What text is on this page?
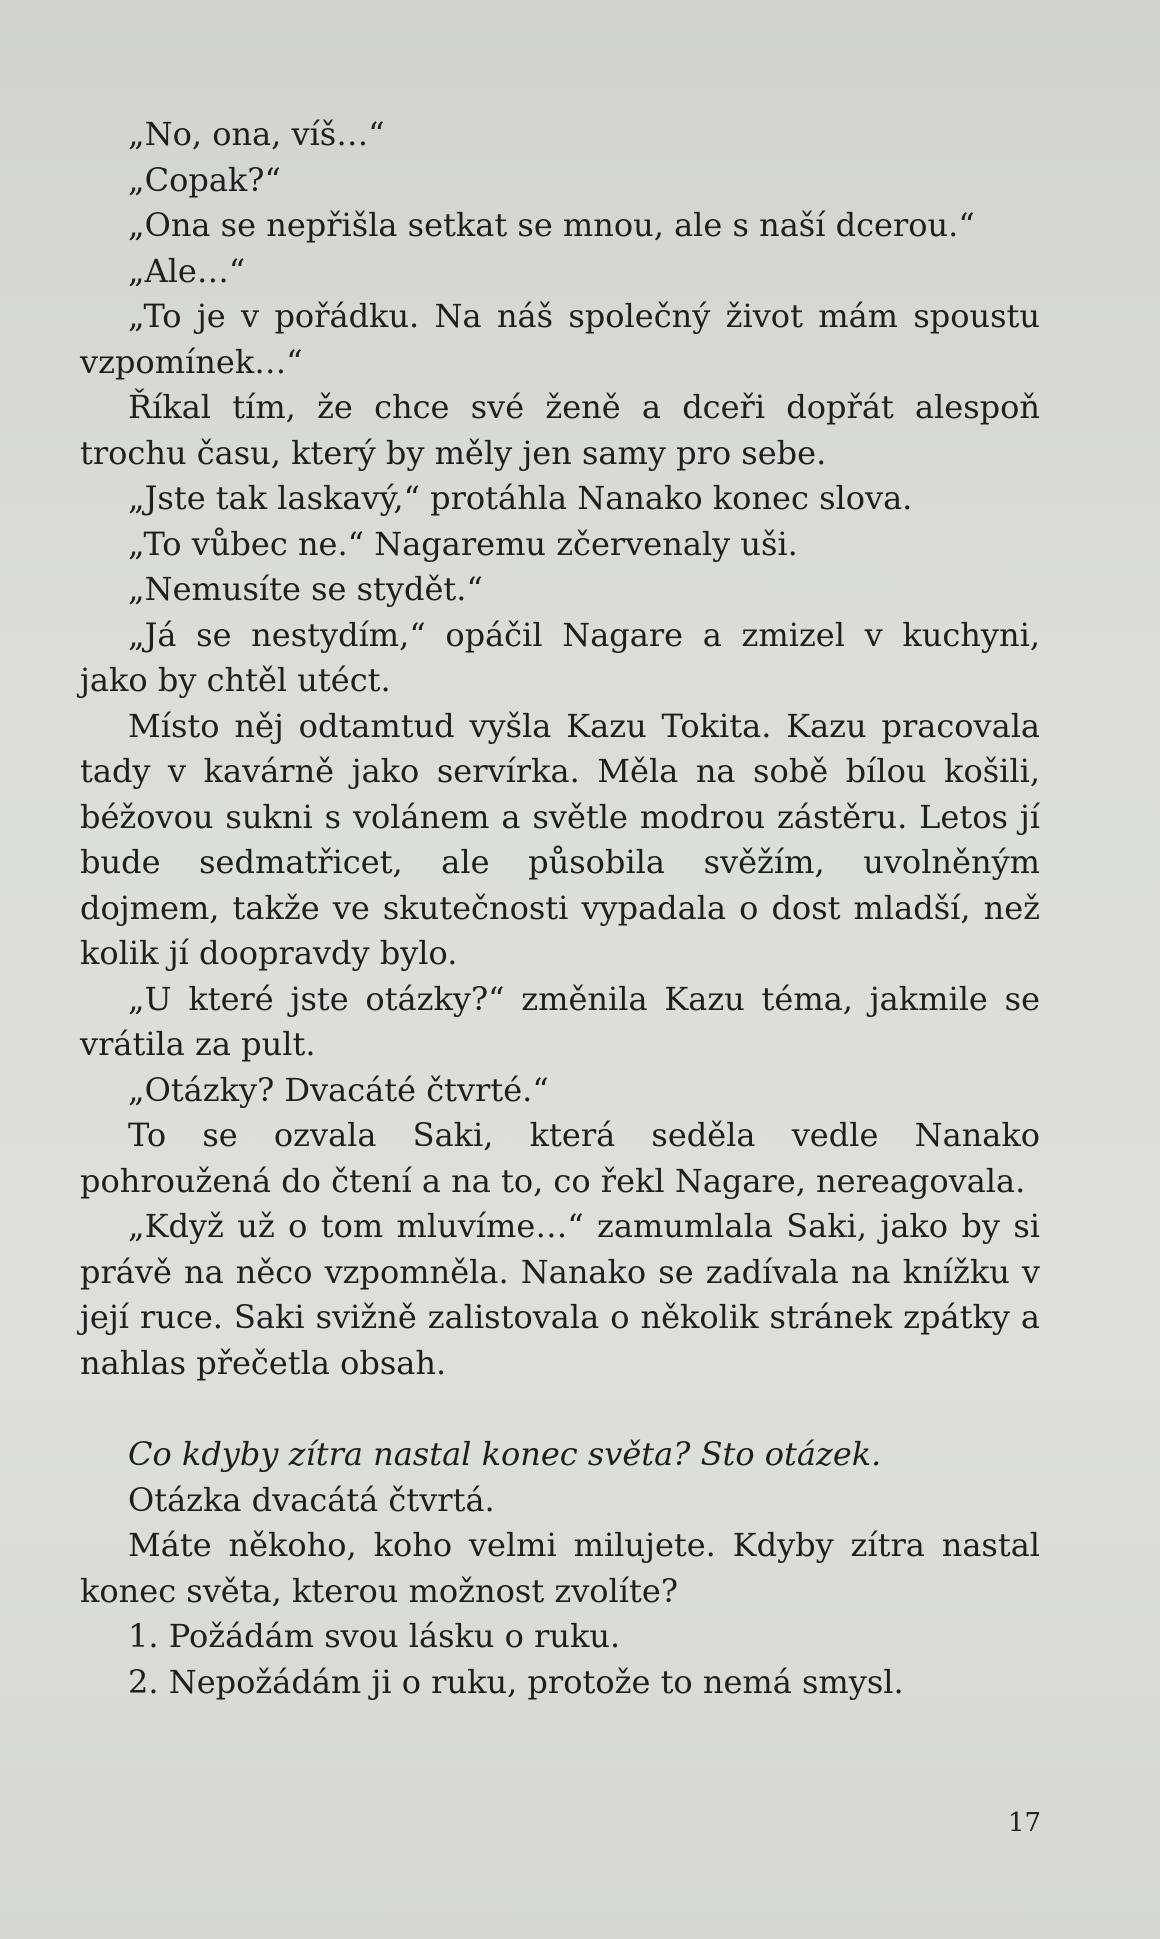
„No, ona, víš…“

„Copak?“

„Ona se nepřišla setkat se mnou, ale s naší dcerou.“

„Ale…“

„To je v pořádku. Na náš společný život mám spoustu vzpomínek…“

Říkal tím, že chce své ženě a dceři dopřát alespoň trochu času, který by měly jen samy pro sebe.

„Jste tak laskavý,“ protáhla Nanako konec slova.

„To vůbec ne.“ Nagaremu zčervenaly uši.

„Nemusíte se stydět.“

„Já se nestydím,“ opáčil Nagare a zmizel v kuchyni, jako by chtěl utéct.

Místo něj odtamtud vyšla Kazu Tokita. Kazu pracovala tady v kavárně jako servírka. Měla na sobě bílou košili, béžovou sukni s volánem a světle modrou zástěru. Letos jí bude sedmatřicet, ale působila svěžím, uvolněným dojmem, takže ve skutečnosti vypadala o dost mladší, než kolik jí doopravdy bylo.

„U které jste otázky?“ změnila Kazu téma, jakmile se vrátila za pult.

„Otázky? Dvacáté čtvrté.“

To se ozvala Saki, která seděla vedle Nanako pohroužená do čtení a na to, co řekl Nagare, nereagovala.

„Když už o tom mluvíme…“ zamumlala Saki, jako by si právě na něco vzpomněla. Nanako se zadívala na knížku v její ruce. Saki svižně zalistovala o několik stránek zpátky a nahlas přečetla obsah.

Co kdyby zítra nastal konec světa? Sto otázek.

Otázka dvacátá čtvrtá.

Máte někoho, koho velmi milujete. Kdyby zítra nastal konec světa, kterou možnost zvolíte?

1. Požádám svou lásku o ruku.

2. Nepožádám ji o ruku, protože to nemá smysl.

17
